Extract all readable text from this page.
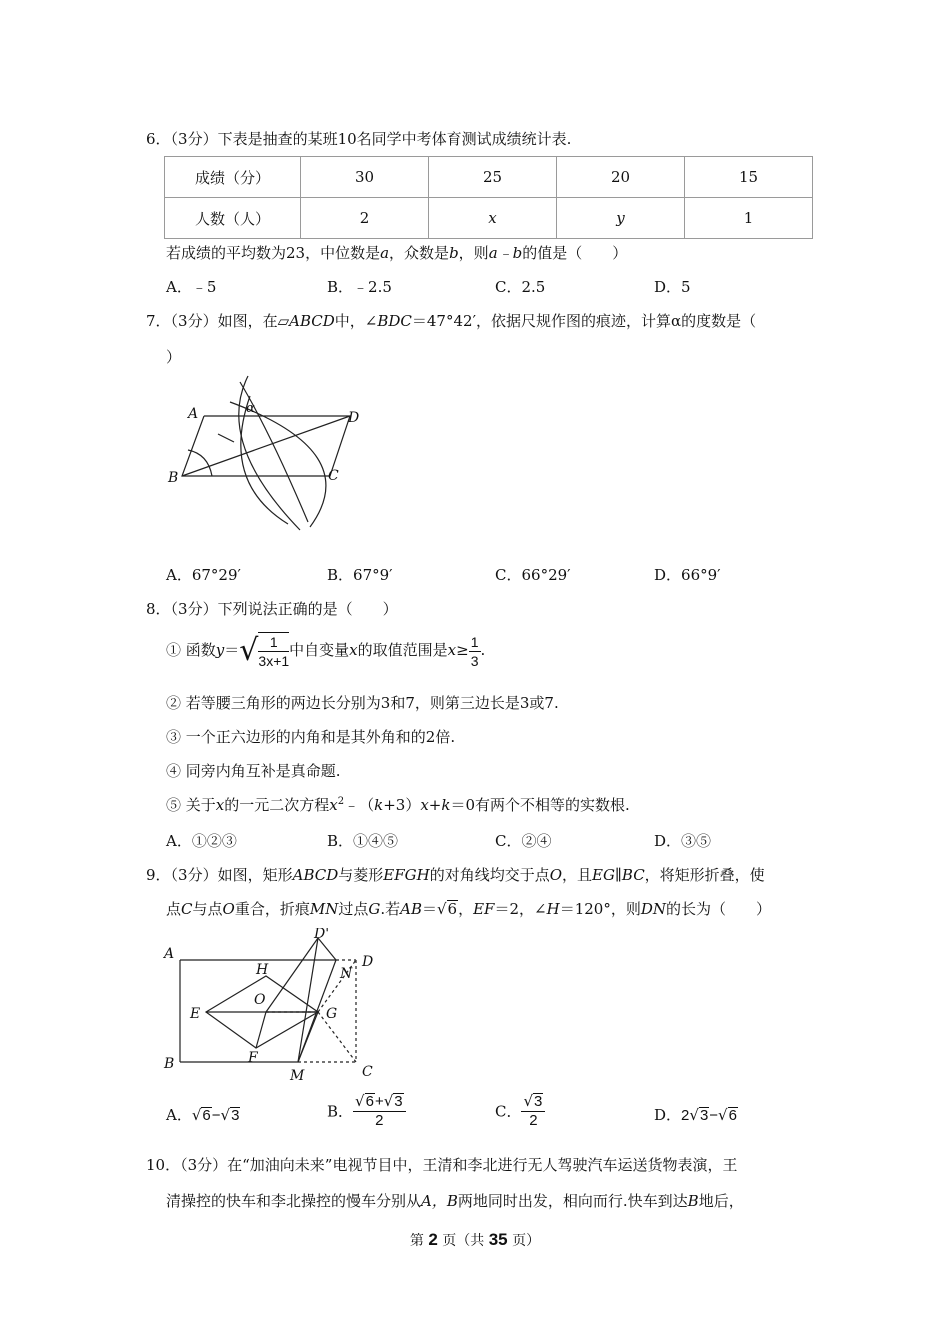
6．（3分）下表是抽查的某班10名同学中考体育测试成绩统计表.
成绩（分）	30	25	20	15
人数（人）	2	x	y	1
若成绩的平均数为23，中位数是a，众数是b，则a﹣b的值是（　　）
A．﹣5	B．﹣2.5	C．2.5	D．5
7．（3分）如图，在▱ABCD中，∠BDC＝47°42′，依据尺规作图的痕迹，计算α的度数是（
）
A
B	C
D
α
A．67°29′	B．67°9′	C．66°29′	D．66°9′
8．（3分）下列说法正确的是（　　）
① 函数$y=√ \frac{1}{3x+1}$ 中自变量x的取值范围是$x\ge \frac{1}{3}$ .
② 若等腰三角形的两边长分别为3和7，则第三边长是3或7.
③ 一个正六边形的内角和是其外角和的2倍.
④ 同旁内角互补是真命题.
⑤ 关于x的一元二次方程$x^2﹣(k+3)x+k=0$有两个不相等的实数根.
A．①②③	B．①④⑤	C．②④	D．③⑤
9．（3分）如图，矩形ABCD与菱形EFGH的对角线均交于点O，且EG∥BC，将矩形折叠，使
点C与点O重合，折痕MN过点G.若AB＝√6，EF＝2，∠H＝120°，则DN的长为（　　）
A
B	C
D
D'
E
F
G
H
M
N
O
A．√6−√3	B． $\frac{√6+√3}{2}$	C． $\frac{√3}{2}$	D．2√3−√6
10．（3分）在“加油向未来”电视节目中，王清和李北进行无人驾驶汽车运送货物表演，王
清操控的快车和李北操控的慢车分别从A，B两地同时出发，相向而行.快车到达B地后，
第 2 页（共 35 页）
